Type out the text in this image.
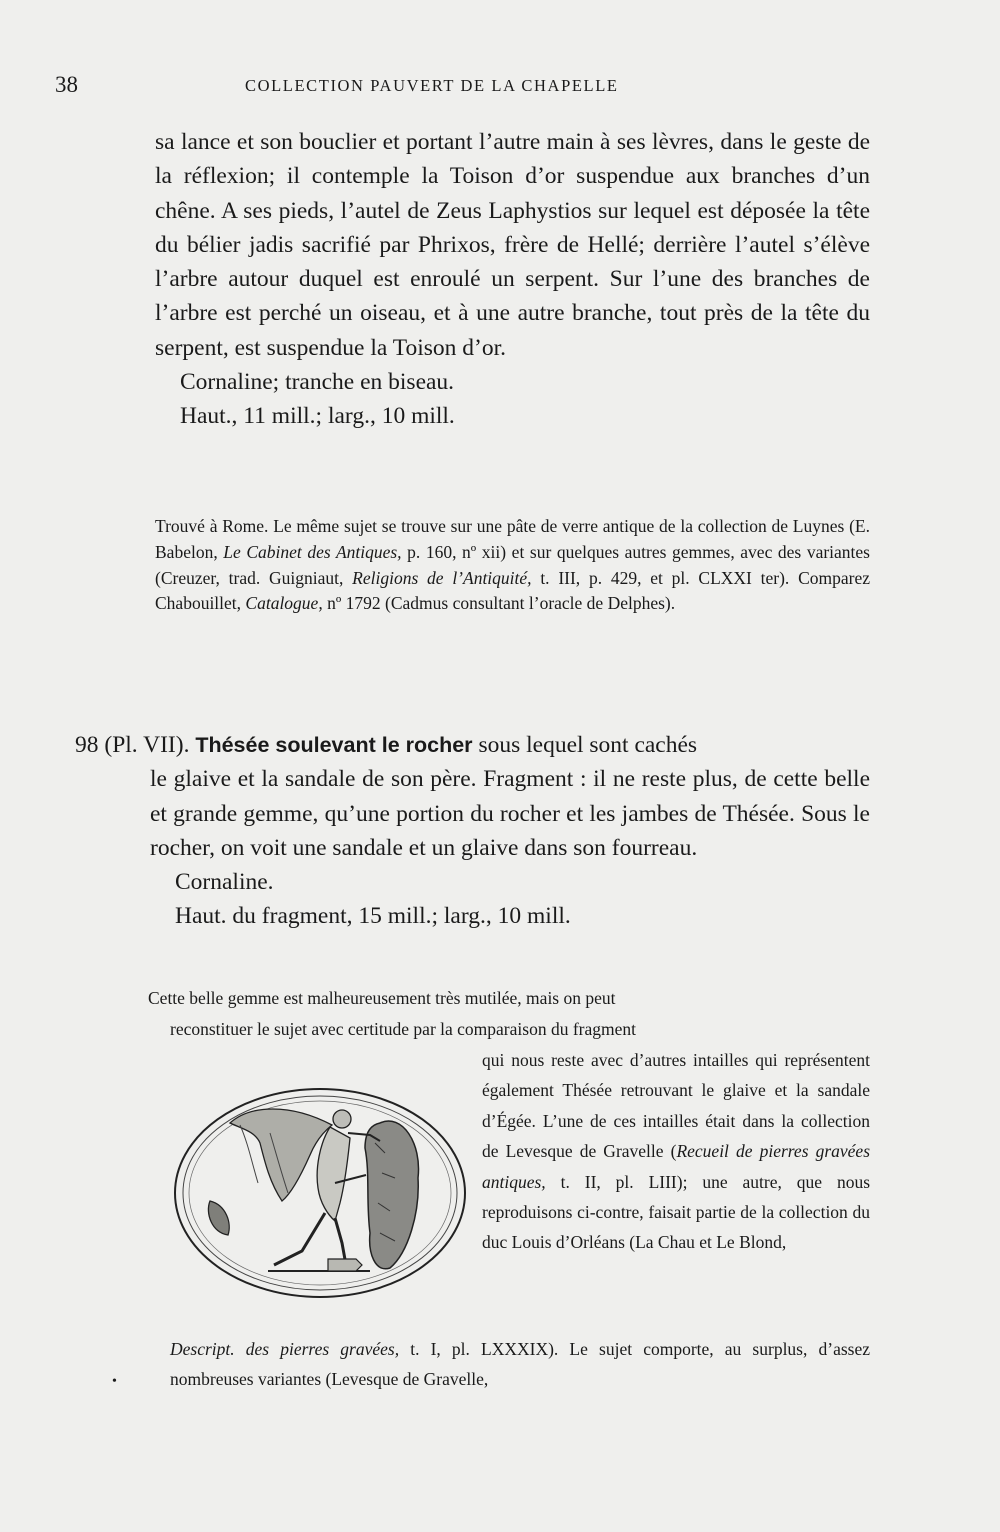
38	COLLECTION PAUVERT DE LA CHAPELLE

sa lance et son bouclier et portant l’autre main à ses lèvres, dans le geste de la réflexion; il contemple la Toison d’or suspendue aux branches d’un chêne. A ses pieds, l’autel de Zeus Laphystios sur lequel est déposée la tête du bélier jadis sacrifié par Phrixos, frère de Hellé; derrière l’autel s’élève l’arbre autour duquel est enroulé un serpent. Sur l’une des branches de l’arbre est perché un oiseau, et à une autre branche, tout près de la tête du serpent, est suspendue la Toison d’or.

Cornaline; tranche en biseau.

Haut., 11 mill.; larg., 10 mill.

Trouvé à Rome. Le même sujet se trouve sur une pâte de verre antique de la collection de Luynes (E. Babelon, Le Cabinet des Antiques, p. 160, nº xii) et sur quelques autres gemmes, avec des variantes (Creuzer, trad. Guigniaut, Religions de l’Antiquité, t. III, p. 429, et pl. CLXXI ter). Comparez Chabouillet, Catalogue, nº 1792 (Cadmus consultant l’oracle de Delphes).

98 (Pl. VII). Thésée soulevant le rocher sous lequel sont cachés

le glaive et la sandale de son père. Fragment : il ne reste plus, de cette belle et grande gemme, qu’une portion du rocher et les jambes de Thésée. Sous le rocher, on voit une sandale et un glaive dans son fourreau.

Cornaline.

Haut. du fragment, 15 mill.; larg., 10 mill.

Cette belle gemme est malheureusement très mutilée, mais on peut

reconstituer le sujet avec certitude par la comparaison du fragment

qui nous reste avec d’autres intailles qui représentent également Thésée retrouvant le glaive et la sandale d’Égée. L’une de ces intailles était dans la collection de Levesque de Gravelle (Recueil de pierres gravées antiques, t. II, pl. LIII); une autre, que nous reproduisons ci-contre, faisait partie de la collection du duc Louis d’Orléans (La Chau et Le Blond,

Descript. des pierres gravées, t. I, pl. LXXXIX). Le sujet comporte, au surplus, d’assez nombreuses variantes (Levesque de Gravelle,

•
